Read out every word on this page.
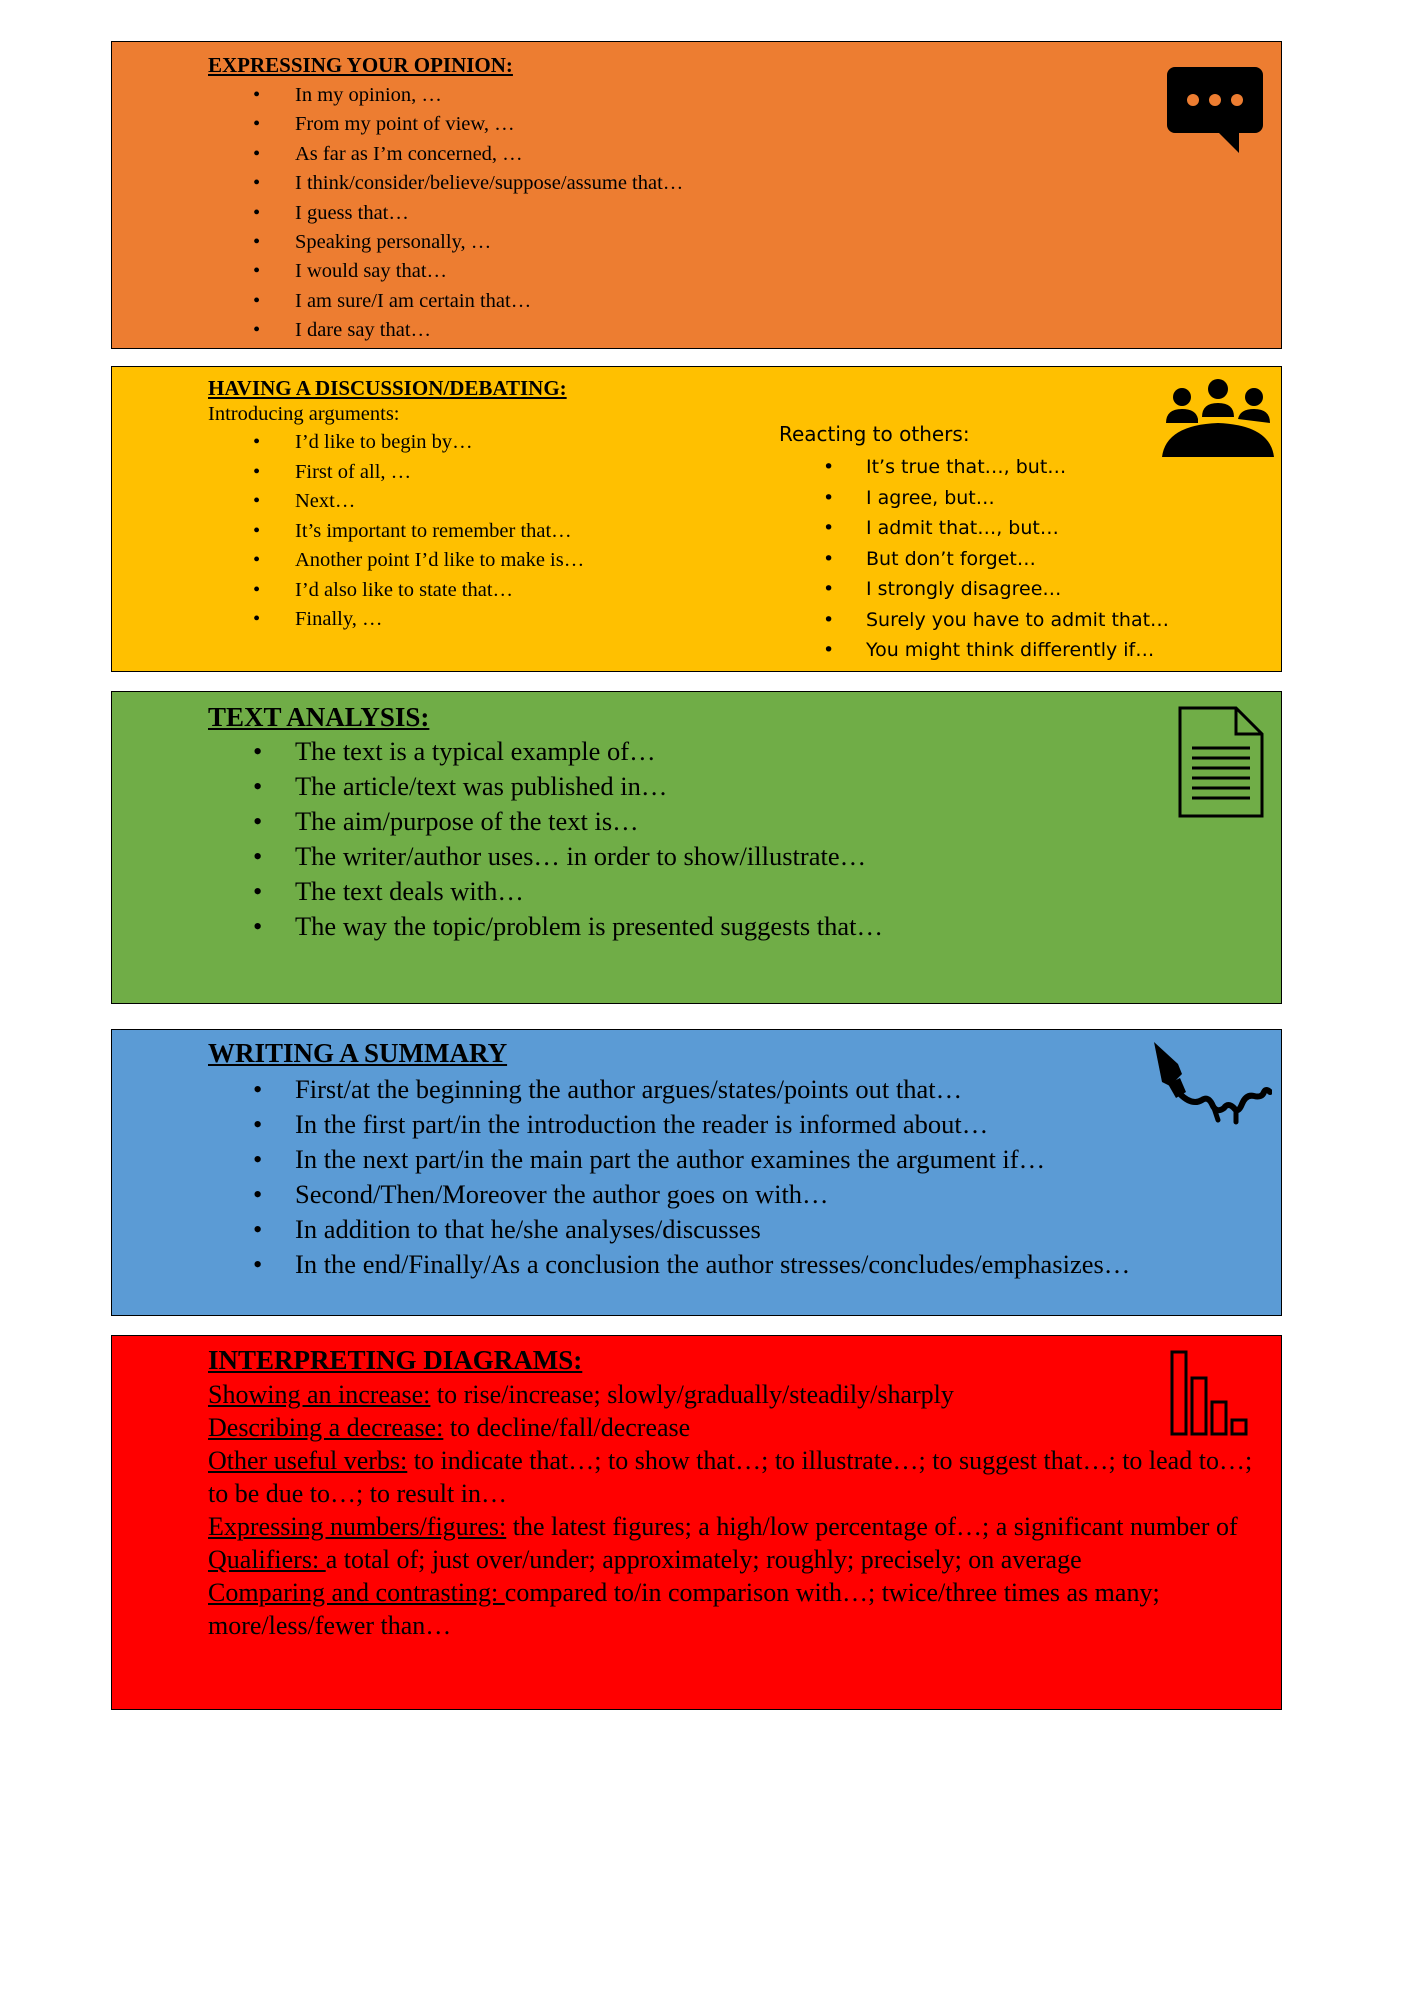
EXPRESSING YOUR OPINION:
• In my opinion, …
• From my point of view, …
• As far as I’m concerned, …
• I think/consider/believe/suppose/assume that…
• I guess that…
• Speaking personally, …
• I would say that…
• I am sure/I am certain that…
• I dare say that…
HAVING A DISCUSSION/DEBATING:
Introducing arguments:
• I’d like to begin by…
• First of all, …
• Next…
• It’s important to remember that…
• Another point I’d like to make is…
• I’d also like to state that…
• Finally, …
Reacting to others:
• It’s true that…, but…
• I agree, but…
• I admit that…, but…
• But don’t forget…
• I strongly disagree…
• Surely you have to admit that…
• You might think differently if…
TEXT ANALYSIS:
• The text is a typical example of…
• The article/text was published in…
• The aim/purpose of the text is…
• The writer/author uses… in order to show/illustrate…
• The text deals with…
• The way the topic/problem is presented suggests that…
WRITING A SUMMARY
• First/at the beginning the author argues/states/points out that…
• In the first part/in the introduction the reader is informed about…
• In the next part/in the main part the author examines the argument if…
• Second/Then/Moreover the author goes on with…
• In addition to that he/she analyses/discusses
• In the end/Finally/As a conclusion the author stresses/concludes/emphasizes…
INTERPRETING DIAGRAMS:

Showing an increase: to rise/increase; slowly/gradually/steadily/sharply

Describing a decrease: to decline/fall/decrease

Other useful verbs: to indicate that…; to show that…; to illustrate…; to suggest that…; to lead to…; to be due to…; to result in…

Expressing numbers/figures: the latest figures; a high/low percentage of…; a significant number of

Qualifiers: a total of; just over/under; approximately; roughly; precisely; on average

Comparing and contrasting: compared to/in comparison with…; twice/three times as many; more/less/fewer than…
